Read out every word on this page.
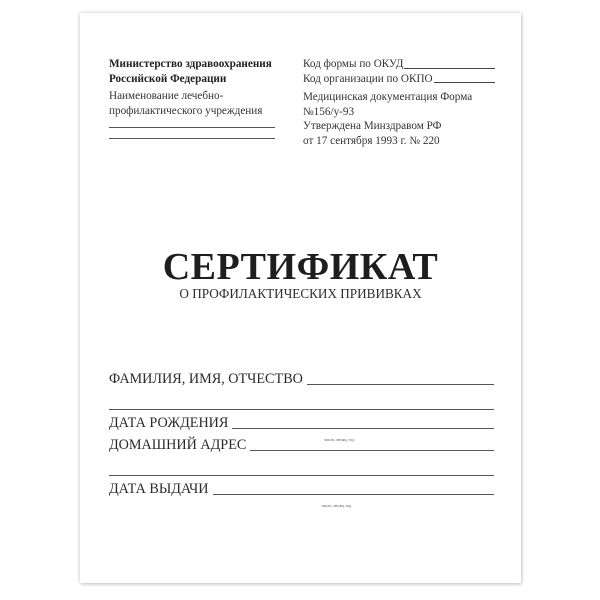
Министерство здравоохранения
Российской Федерации
Наименование лечебно-
профилактического учреждения
Код формы по ОКУД
Код организации по ОКПО
Медицинская документация Форма
№156/у-93
Утверждена Минздравом РФ
от 17 сентября 1993 г. № 220
СЕРТИФИКАТ
О ПРОФИЛАКТИЧЕСКИХ ПРИВИВКАХ
ФАМИЛИЯ, ИМЯ, ОТЧЕСТВО
ДАТА РОЖДЕНИЯ
число, месяц, год
ДОМАШНИЙ АДРЕС
ДАТА ВЫДАЧИ
число, месяц, год
